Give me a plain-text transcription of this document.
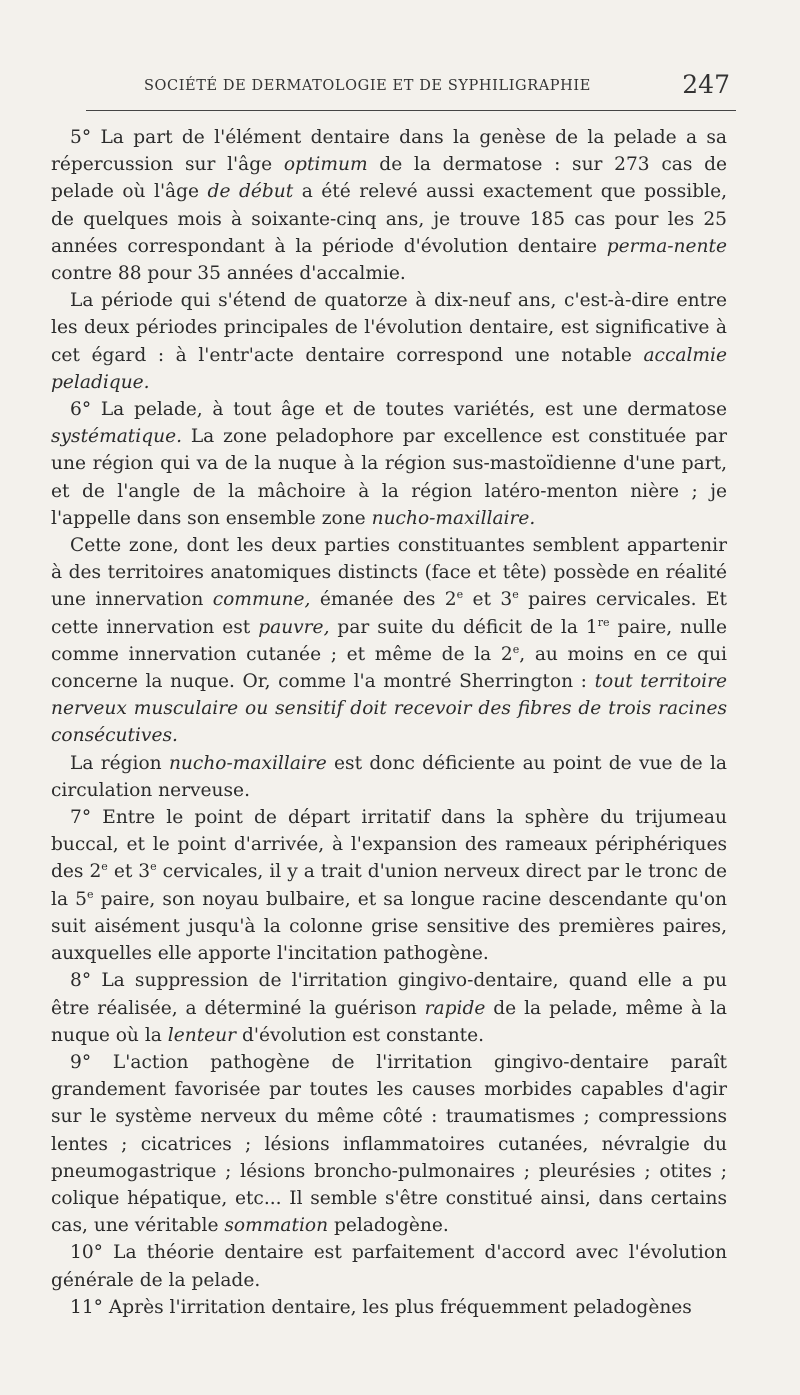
SOCIÉTÉ DE DERMATOLOGIE ET DE SYPHILIGRAPHIE	247

5° La part de l'élément dentaire dans la genèse de la pelade a sa répercussion sur l'âge optimum de la dermatose : sur 273 cas de pelade où l'âge de début a été relevé aussi exactement que possible, de quelques mois à soixante-cinq ans, je trouve 185 cas pour les 25 années correspondant à la période d'évolution dentaire perma-nente contre 88 pour 35 années d'accalmie.

La période qui s'étend de quatorze à dix-neuf ans, c'est-à-dire entre les deux périodes principales de l'évolution dentaire, est significative à cet égard : à l'entr'acte dentaire correspond une notable accalmie peladique.

6° La pelade, à tout âge et de toutes variétés, est une dermatose systématique. La zone peladophore par excellence est constituée par une région qui va de la nuque à la région sus-mastoïdienne d'une part, et de l'angle de la mâchoire à la région latéro-menton nière ; je l'appelle dans son ensemble zone nucho-maxillaire.

Cette zone, dont les deux parties constituantes semblent appartenir à des territoires anatomiques distincts (face et tête) possède en réalité une innervation commune, émanée des 2e et 3e paires cervicales. Et cette innervation est pauvre, par suite du déficit de la 1re paire, nulle comme innervation cutanée ; et même de la 2e, au moins en ce qui concerne la nuque. Or, comme l'a montré Sherrington : tout territoire nerveux musculaire ou sensitif doit recevoir des fibres de trois racines consécutives.

La région nucho-maxillaire est donc déficiente au point de vue de la circulation nerveuse.

7° Entre le point de départ irritatif dans la sphère du trijumeau buccal, et le point d'arrivée, à l'expansion des rameaux périphériques des 2e et 3e cervicales, il y a trait d'union nerveux direct par le tronc de la 5e paire, son noyau bulbaire, et sa longue racine descendante qu'on suit aisément jusqu'à la colonne grise sensitive des premières paires, auxquelles elle apporte l'incitation pathogène.

8° La suppression de l'irritation gingivo-dentaire, quand elle a pu être réalisée, a déterminé la guérison rapide de la pelade, même à la nuque où la lenteur d'évolution est constante.

9° L'action pathogène de l'irritation gingivo-dentaire paraît grandement favorisée par toutes les causes morbides capables d'agir sur le système nerveux du même côté : traumatismes ; compressions lentes ; cicatrices ; lésions inflammatoires cutanées, névralgie du pneumogastrique ; lésions broncho-pulmonaires ; pleurésies ; otites ; colique hépatique, etc... Il semble s'être constitué ainsi, dans certains cas, une véritable sommation peladogène.

10° La théorie dentaire est parfaitement d'accord avec l'évolution générale de la pelade.

11° Après l'irritation dentaire, les plus fréquemment peladogènes
